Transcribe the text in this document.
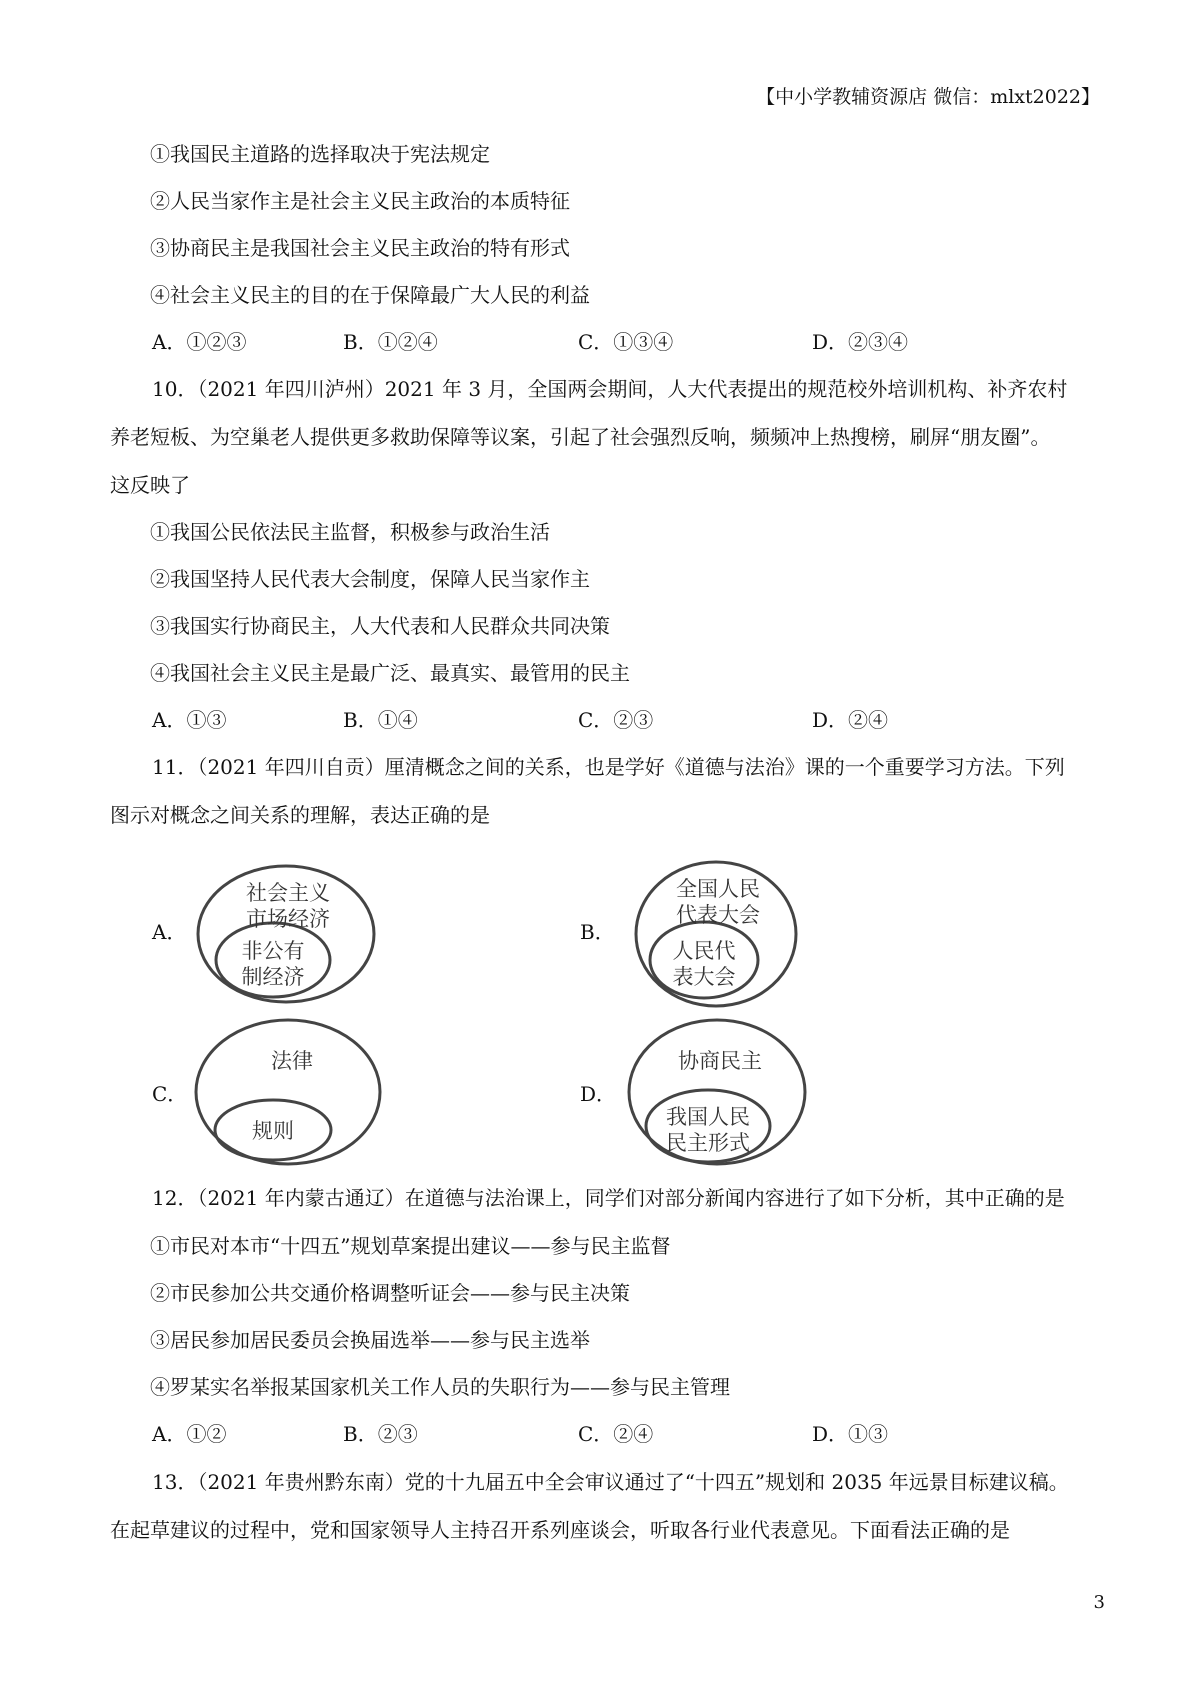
【中小学教辅资源店 微信：mlxt2022】
①我国民主道路的选择取决于宪法规定
②人民当家作主是社会主义民主政治的本质特征
③协商民主是我国社会主义民主政治的特有形式
④社会主义民主的目的在于保障最广大人民的利益
A．①②③	B．①②④	C．①③④	D．②③④
10．（2021 年四川泸州）2021 年 3 月，全国两会期间，人大代表提出的规范校外培训机构、补齐农村
养老短板、为空巢老人提供更多救助保障等议案，引起了社会强烈反响，频频冲上热搜榜，刷屏“朋友圈”。
这反映了
①我国公民依法民主监督，积极参与政治生活
②我国坚持人民代表大会制度，保障人民当家作主
③我国实行协商民主，人大代表和人民群众共同决策
④我国社会主义民主是最广泛、最真实、最管用的民主
A．①③	B．①④	C．②③	D．②④
11．（2021 年四川自贡）厘清概念之间的关系，也是学好《道德与法治》课的一个重要学习方法。下列
图示对概念之间关系的理解，表达正确的是
A．
社会主义
市场经济
非公有
制经济
B．
全国人民
代表大会
人民代
表大会
C．
法律
规则
D．
协商民主
我国人民
民主形式
12．（2021 年内蒙古通辽）在道德与法治课上，同学们对部分新闻内容进行了如下分析，其中正确的是
①市民对本市“十四五”规划草案提出建议——参与民主监督
②市民参加公共交通价格调整听证会——参与民主决策
③居民参加居民委员会换届选举——参与民主选举
④罗某实名举报某国家机关工作人员的失职行为——参与民主管理
A．①②	B．②③	C．②④	D．①③
13．（2021 年贵州黔东南）党的十九届五中全会审议通过了“十四五”规划和 2035 年远景目标建议稿。
在起草建议的过程中，党和国家领导人主持召开系列座谈会，听取各行业代表意见。下面看法正确的是
3
